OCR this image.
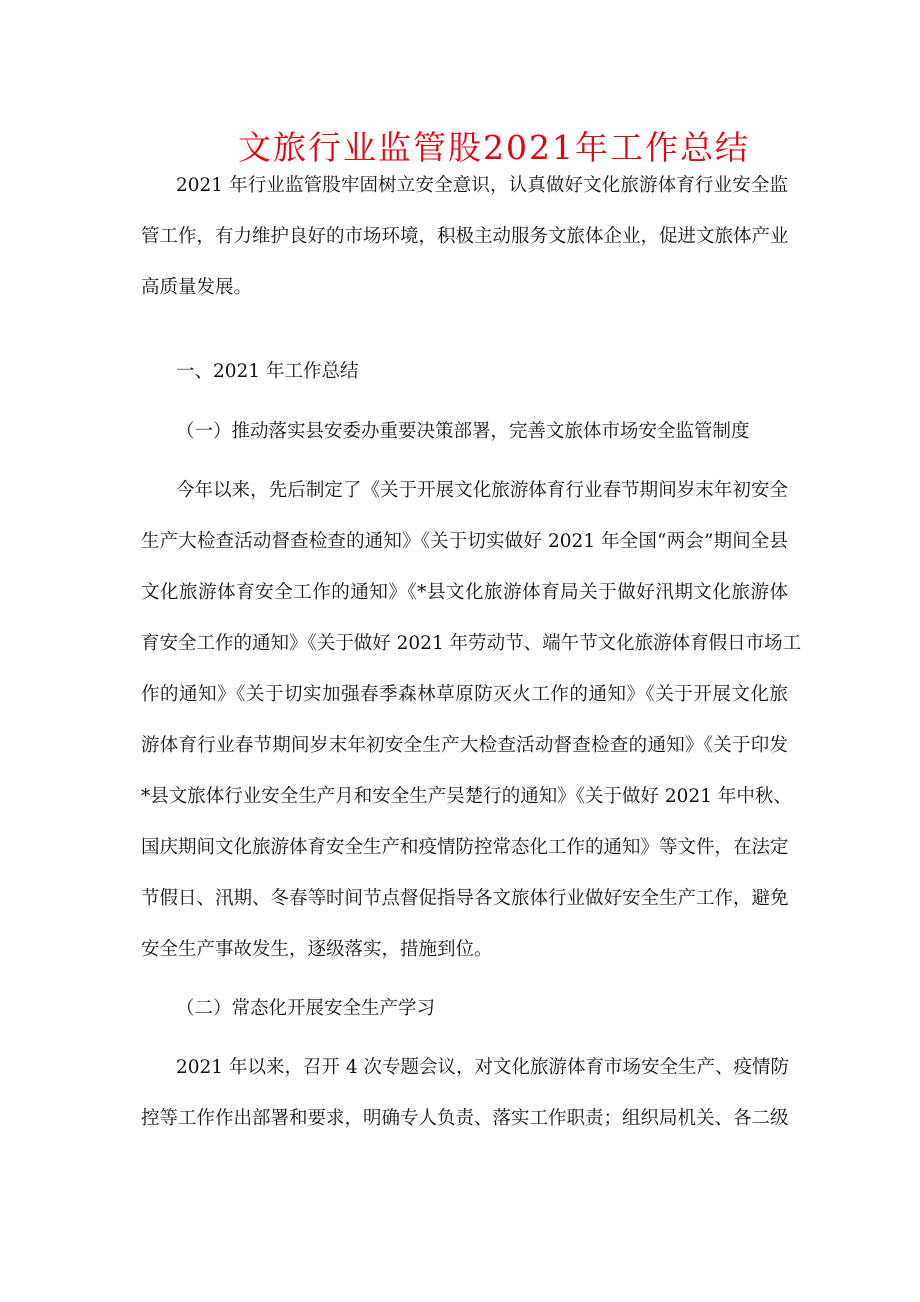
文旅行业监管股2021年工作总结
2021 年行业监管股牢固树立安全意识，认真做好文化旅游体育行业安全监
管工作，有力维护良好的市场环境，积极主动服务文旅体企业，促进文旅体产业
高质量发展。
一、2021 年工作总结
（一）推动落实县安委办重要决策部署，完善文旅体市场安全监管制度
今年以来，先后制定了《关于开展文化旅游体育行业春节期间岁末年初安全
生产大检查活动督查检查的通知》《关于切实做好 2021 年全国“两会”期间全县
文化旅游体育安全工作的通知》《*县文化旅游体育局关于做好汛期文化旅游体
育安全工作的通知》《关于做好 2021 年劳动节、端午节文化旅游体育假日市场工
作的通知》《关于切实加强春季森林草原防灭火工作的通知》《关于开展文化旅
游体育行业春节期间岁末年初安全生产大检查活动督查检查的通知》《关于印发
*县文旅体行业安全生产月和安全生产吴楚行的通知》《关于做好 2021 年中秋、
国庆期间文化旅游体育安全生产和疫情防控常态化工作的通知》等文件，在法定
节假日、汛期、冬春等时间节点督促指导各文旅体行业做好安全生产工作，避免
安全生产事故发生，逐级落实，措施到位。
（二）常态化开展安全生产学习
2021 年以来，召开 4 次专题会议，对文化旅游体育市场安全生产、疫情防
控等工作作出部署和要求，明确专人负责、落实工作职责；组织局机关、各二级
